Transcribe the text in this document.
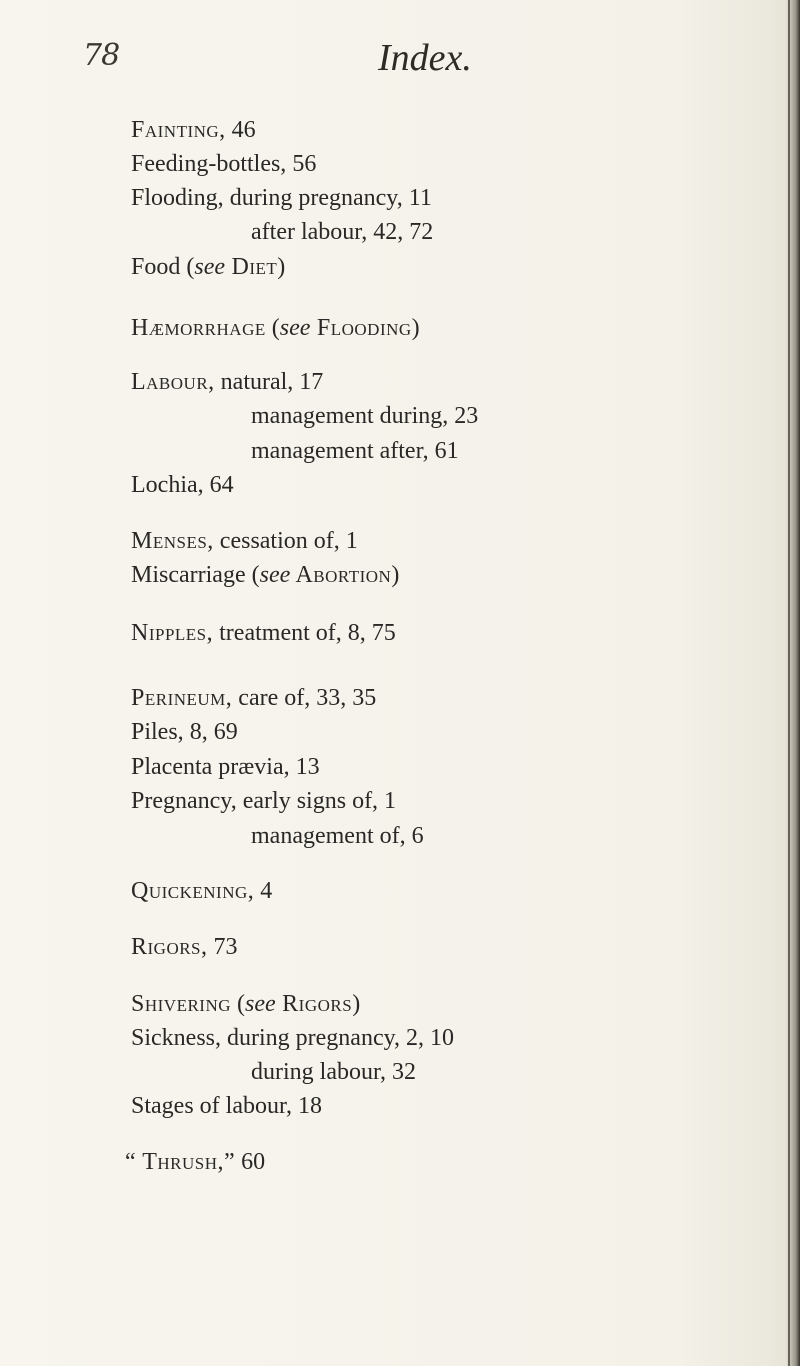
78	Index.
Fainting, 46
Feeding-bottles, 56
Flooding, during pregnancy, 11
after labour, 42, 72
Food (see Diet)
Hæmorrhage (see Flooding)
Labour, natural, 17
management during, 23
management after, 61
Lochia, 64
Menses, cessation of, 1
Miscarriage (see Abortion)
Nipples, treatment of, 8, 75
Perineum, care of, 33, 35
Piles, 8, 69
Placenta prævia, 13
Pregnancy, early signs of, 1
management of, 6
Quickening, 4
Rigors, 73
Shivering (see Rigors)
Sickness, during pregnancy, 2, 10
during labour, 32
Stages of labour, 18
“ Thrush,” 60
